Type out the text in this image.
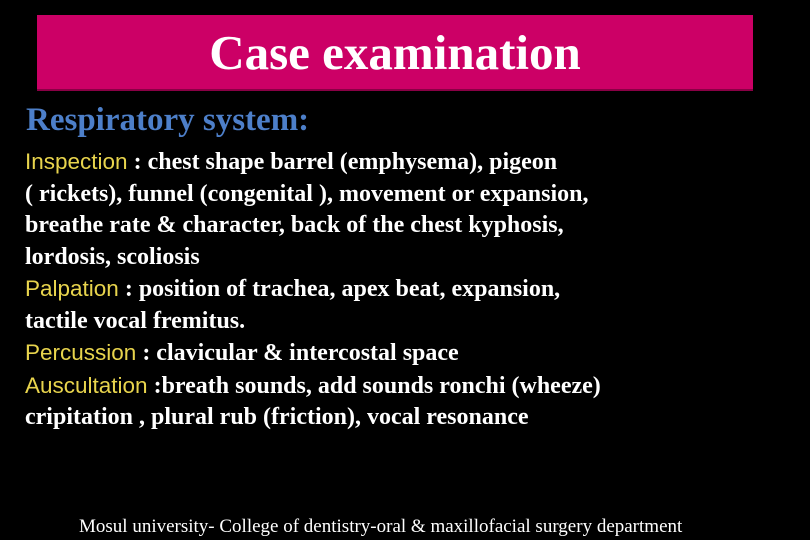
Case examination
Respiratory system:
Inspection : chest shape barrel (emphysema), pigeon
( rickets), funnel (congenital ), movement or expansion,
breathe rate & character, back of the chest kyphosis,
lordosis, scoliosis
Palpation : position of trachea, apex beat, expansion,
tactile vocal fremitus.
Percussion : clavicular & intercostal space
Auscultation :breath sounds, add sounds ronchi (wheeze)
cripitation , plural rub (friction), vocal resonance
Mosul university- College of dentistry-oral & maxillofacial surgery department
